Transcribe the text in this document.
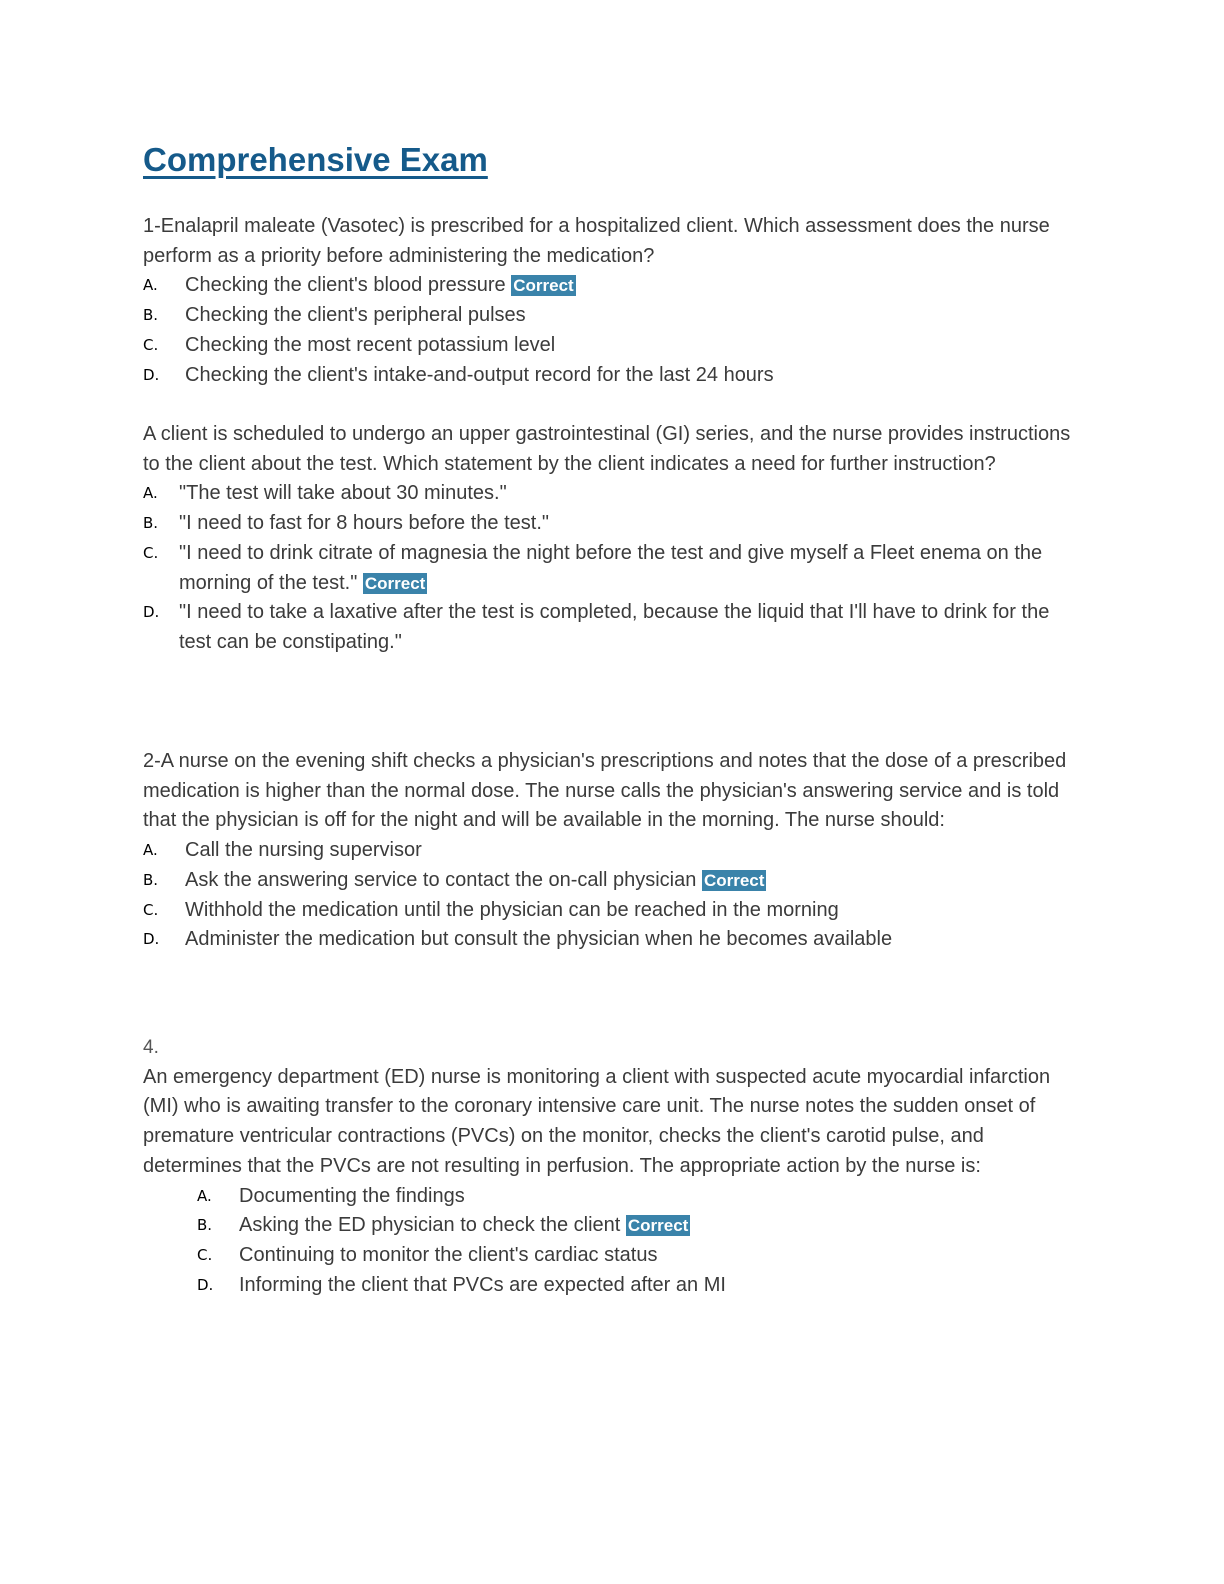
Comprehensive Exam

1-Enalapril maleate (Vasotec) is prescribed for a hospitalized client. Which assessment does the nurse perform as a priority before administering the medication?

A.	Checking the client's blood pressure Correct
B.	Checking the client's peripheral pulses
C.	Checking the most recent potassium level
D.	Checking the client's intake-and-output record for the last 24 hours

A client is scheduled to undergo an upper gastrointestinal (GI) series, and the nurse provides instructions to the client about the test. Which statement by the client indicates a need for further instruction?

A.	"The test will take about 30 minutes."
B.	"I need to fast for 8 hours before the test."
C.	"I need to drink citrate of magnesia the night before the test and give myself a Fleet enema on the morning of the test." Correct
D. "I need to take a laxative after the test is completed, because the liquid that I'll have to drink for the test can be constipating."

2-A nurse on the evening shift checks a physician's prescriptions and notes that the dose of a prescribed medication is higher than the normal dose. The nurse calls the physician's answering service and is told that the physician is off for the night and will be available in the morning. The nurse should:

A.	Call the nursing supervisor
B.	Ask the answering service to contact the on-call physician Correct
C.	Withhold the medication until the physician can be reached in the morning
D.	Administer the medication but consult the physician when he becomes available

4.

An emergency department (ED) nurse is monitoring a client with suspected acute myocardial infarction (MI) who is awaiting transfer to the coronary intensive care unit. The nurse notes the sudden onset of premature ventricular contractions (PVCs) on the monitor, checks the client's carotid pulse, and determines that the PVCs are not resulting in perfusion. The appropriate action by the nurse is:

A.	Documenting the findings
B.	Asking the ED physician to check the client Correct
C.	Continuing to monitor the client's cardiac status
D.	Informing the client that PVCs are expected after an MI
